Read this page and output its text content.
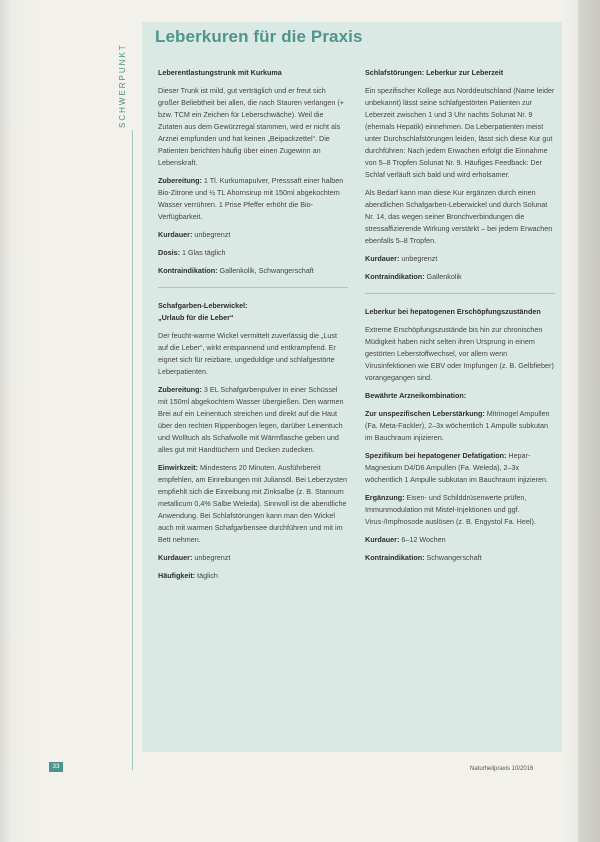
SCHWERPUNKT
Leberkuren für die Praxis
Leberentlastungstrunk mit Kurkuma

Dieser Trunk ist mild, gut verträglich und er freut sich großer Beliebtheit bei allen, die nach Stauren verlangen (+ bzw. TCM ein Zeichen für Leberschwäche). Weil die Zutaten aus dem Gewürzregal stammen, wird er nicht als Arznei empfunden und hat keinen „Beipackzettel“. Die Patienten berichten häufig über einen Zugewinn an Lebenskraft.

Zubereitung: 1 Tl. Kurkumapulver, Presssaft einer halben Bio-Zitrone und ½ TL Ahornsirup mit 150ml abgekochtem Wasser verrühren. 1 Prise Pfeffer erhöht die Bio-Verfügbarkeit.

Kurdauer: unbegrenzt

Dosis: 1 Glas täglich

Kontraindikation: Gallenkolik, Schwangerschaft

Schafgarben-Leberwickel:
„Urlaub für die Leber“

Der feucht-warme Wickel vermittelt zuverlässig die „Lust auf die Leber“, wirkt entspannend und entkrampfend. Er eignet sich für reizbare, ungeduldige und schlafgestörte Leberpatienten.

Zubereitung: 3 EL Schafgarbenpulver in einer Schüssel mit 150ml abgekochtem Wasser übergießen. Den warmen Brei auf ein Leinentuch streichen und direkt auf die Haut über den rechten Rippenbogen legen, darüber Leinentuch und Wolltuch als Schafwolle mit Wärmflasche geben und alles gut mit Handtüchern und Decken zudecken.

Einwirkzeit: Mindestens 20 Minuten. Ausführbereit empfehlen, am Einreibungen mit Juliansöl. Bei Leberzysten empfiehlt sich die Einreibung mit Zinksalbe (z. B. Stannum metallicum 0,4% Salbe Weleda). Sinnvoll ist die abendliche Anwendung. Bei Schlafstörungen kann man den Wickel auch mit warmen Schafgarbensee durchführen und mit im Bett nehmen.

Kurdauer: unbegrenzt

Häufigkeit: täglich

Schlafstörungen: Leberkur zur Leberzeit

Ein spezifischer Kollege aus Norddeutschland (Name leider unbekannt) lässt seine schlafgestörten Patienten zur Leberzeit zwischen 1 und 3 Uhr nachts Solunat Nr. 9 (ehemals Hepatik) einnehmen. Da Leberpatienten meist unter Durchschlafstörungen leiden, lässt sich diese Kur gut durchführen: Nach jedem Erwachen erfolgt die Einnahme von 5–8 Tropfen Solunat Nr. 9. Häufiges Feedback: Der Schlaf verläuft sich bald und wird erholsamer.

Als Bedarf kann man diese Kur ergänzen durch einen abendlichen Schafgarben-Leberwickel und durch Solunat Nr. 14, das wegen seiner Bronchverbindungen die stressaffizierende Wirkung verstärkt – bei jedem Erwachen ebenfalls 5–8 Tropfen.

Kurdauer: unbegrenzt

Kontraindikation: Gallenkolik

Leberkur bei hepatogenen Erschöpfungszuständen

Extreme Erschöpfungszustände bis hin zur chronischen Müdigkeit haben nicht selten ihren Ursprung in einem gestörten Leberstoffwechsel, vor allem wenn Virusinfektionen wie EBV oder Impfungen (z. B. Gelbfieber) vorangegangen sind.

Bewährte Arzneikombination:

Zur unspezifischen Leberstärkung: Mitrinogel Ampullen (Fa. Meta-Fackler), 2–3x wöchentlich 1 Ampulle subkutan im Bauchraum injizieren.

Spezifikum bei hepatogener Defatigation: Hepar-Magnesium D4/D6 Ampullen (Fa. Weleda), 2–3x wöchentlich 1 Ampulle subkutan im Bauchraum injizieren.

Ergänzung: Eisen- und Schilddrüsenwerte prüfen, Immunmodulation mit Mistel-Injektionen und ggf. Virus-/Impfnosode auslösen (z. B. Engystol Fa. Heel).

Kurdauer: 6–12 Wochen

Kontraindikation: Schwangerschaft

33	Naturheilpraxis 10/2016
